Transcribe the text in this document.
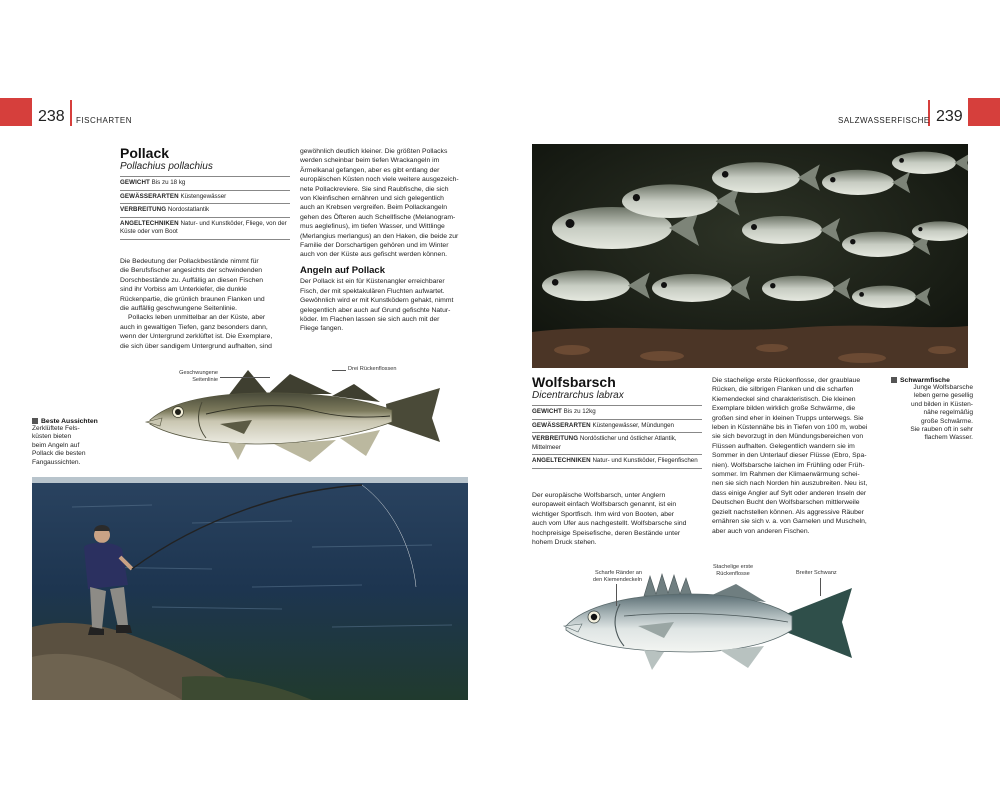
238 FISCHARTEN	239
SALZWASSERFISCHE
Pollack
Pollachius pollachius
GEWICHT Bis zu 18 kg
GEWÄSSERARTEN Küstengewässer
VERBREITUNG Nordostatlantik
ANGELTECHNIKEN Natur- und Kunstköder, Fliege, von der Küste oder vom Boot

Die Bedeutung der Pollackbestände nimmt für

die Berufsfischer angesichts der schwindenden

Dorschbestände zu. Auffällig an diesen Fischen

sind ihr Vorbiss am Unterkiefer, die dunkle

Rückenpartie, die grünlich braunen Flanken und

die auffällig geschwungene Seitenlinie.

Pollacks leben unmittelbar an der Küste, aber

auch in gewaltigen Tiefen, ganz besonders dann,

wenn der Untergrund zerklüftet ist. Die Exemplare,

die sich über sandigem Untergrund aufhalten, sind

gewöhnlich deutlich kleiner. Die größten Pollacks

werden scheinbar beim tiefen Wrackangeln im

Ärmelkanal gefangen, aber es gibt entlang der

europäischen Küsten noch viele weitere ausgezeich-

nete Pollackreviere. Sie sind Raubfische, die sich

von Kleinfischen ernähren und sich gelegentlich

auch an Krebsen vergreifen. Beim Pollackangeln

gehen des Öfteren auch Schellfische (Melanogram-

mus aeglefinus), im tiefen Wasser, und Wittlinge

(Merlangius merlangus) an den Haken, die beide zur

Familie der Dorschartigen gehören und im Winter

auch von der Küste aus gefischt werden können.

Angeln auf Pollack

Der Pollack ist ein für Küstenangler erreichbarer

Fisch, der mit spektakulären Fluchten aufwartet.

Gewöhnlich wird er mit Kunstködern gehakt, nimmt

gelegentlich aber auch auf Grund gefischte Natur-

köder. Im Flachen lassen sie sich auch mit der

Fliege fangen.

Geschwungene
Seitenlinie
Drei Rückenflossen
Beste Aussichten
Zerklüftete Fels-
küsten bieten
beim Angeln auf
Pollack die besten
Fangaussichten.
Wolfsbarsch
Dicentrarchus labrax
GEWICHT Bis zu 12kg
GEWÄSSERARTEN Küstengewässer, Mündungen
VERBREITUNG Nordöstlicher und östlicher Atlantik, Mittelmeer
ANGELTECHNIKEN Natur- und Kunstköder, Fliegenfischen

Der europäische Wolfsbarsch, unter Anglern

europaweit einfach Wolfsbarsch genannt, ist ein

wichtiger Sportfisch. Ihm wird von Booten, aber

auch vom Ufer aus nachgestellt. Wolfsbarsche sind

hochpreisige Speisefische, deren Bestände unter

hohem Druck stehen.

Die stachelige erste Rückenflosse, der graublaue

Rücken, die silbrigen Flanken und die scharfen

Kiemendeckel sind charakteristisch. Die kleinen

Exemplare bilden wirklich große Schwärme, die

großen sind eher in kleinen Trupps unterwegs. Sie

leben in Küstennähe bis in Tiefen von 100 m, wobei

sie sich bevorzugt in den Mündungsbereichen von

Flüssen aufhalten. Gelegentlich wandern sie im

Sommer in den Unterlauf dieser Flüsse (Ebro, Spa-

nien). Wolfsbarsche laichen im Frühling oder Früh-

sommer. Im Rahmen der Klimaerwärmung schei-

nen sie sich nach Norden hin auszubreiten. Neu ist,

dass einige Angler auf Sylt oder anderen Inseln der

Deutschen Bucht den Wolfsbarschen mittlerweile

gezielt nachstellen können. Als aggressive Räuber

ernähren sie sich v. a. von Garnelen und Muscheln,

aber auch von anderen Fischen.

Schwarmfische
Junge Wolfsbarsche
leben gerne gesellig
und bilden in Küsten-
nähe regelmäßig
große Schwärme.
Sie rauben oft in sehr
flachem Wasser.
Scharfe Ränder an
den Kiemendeckeln
Stachelige erste
Rückenflosse	Breiter Schwanz
